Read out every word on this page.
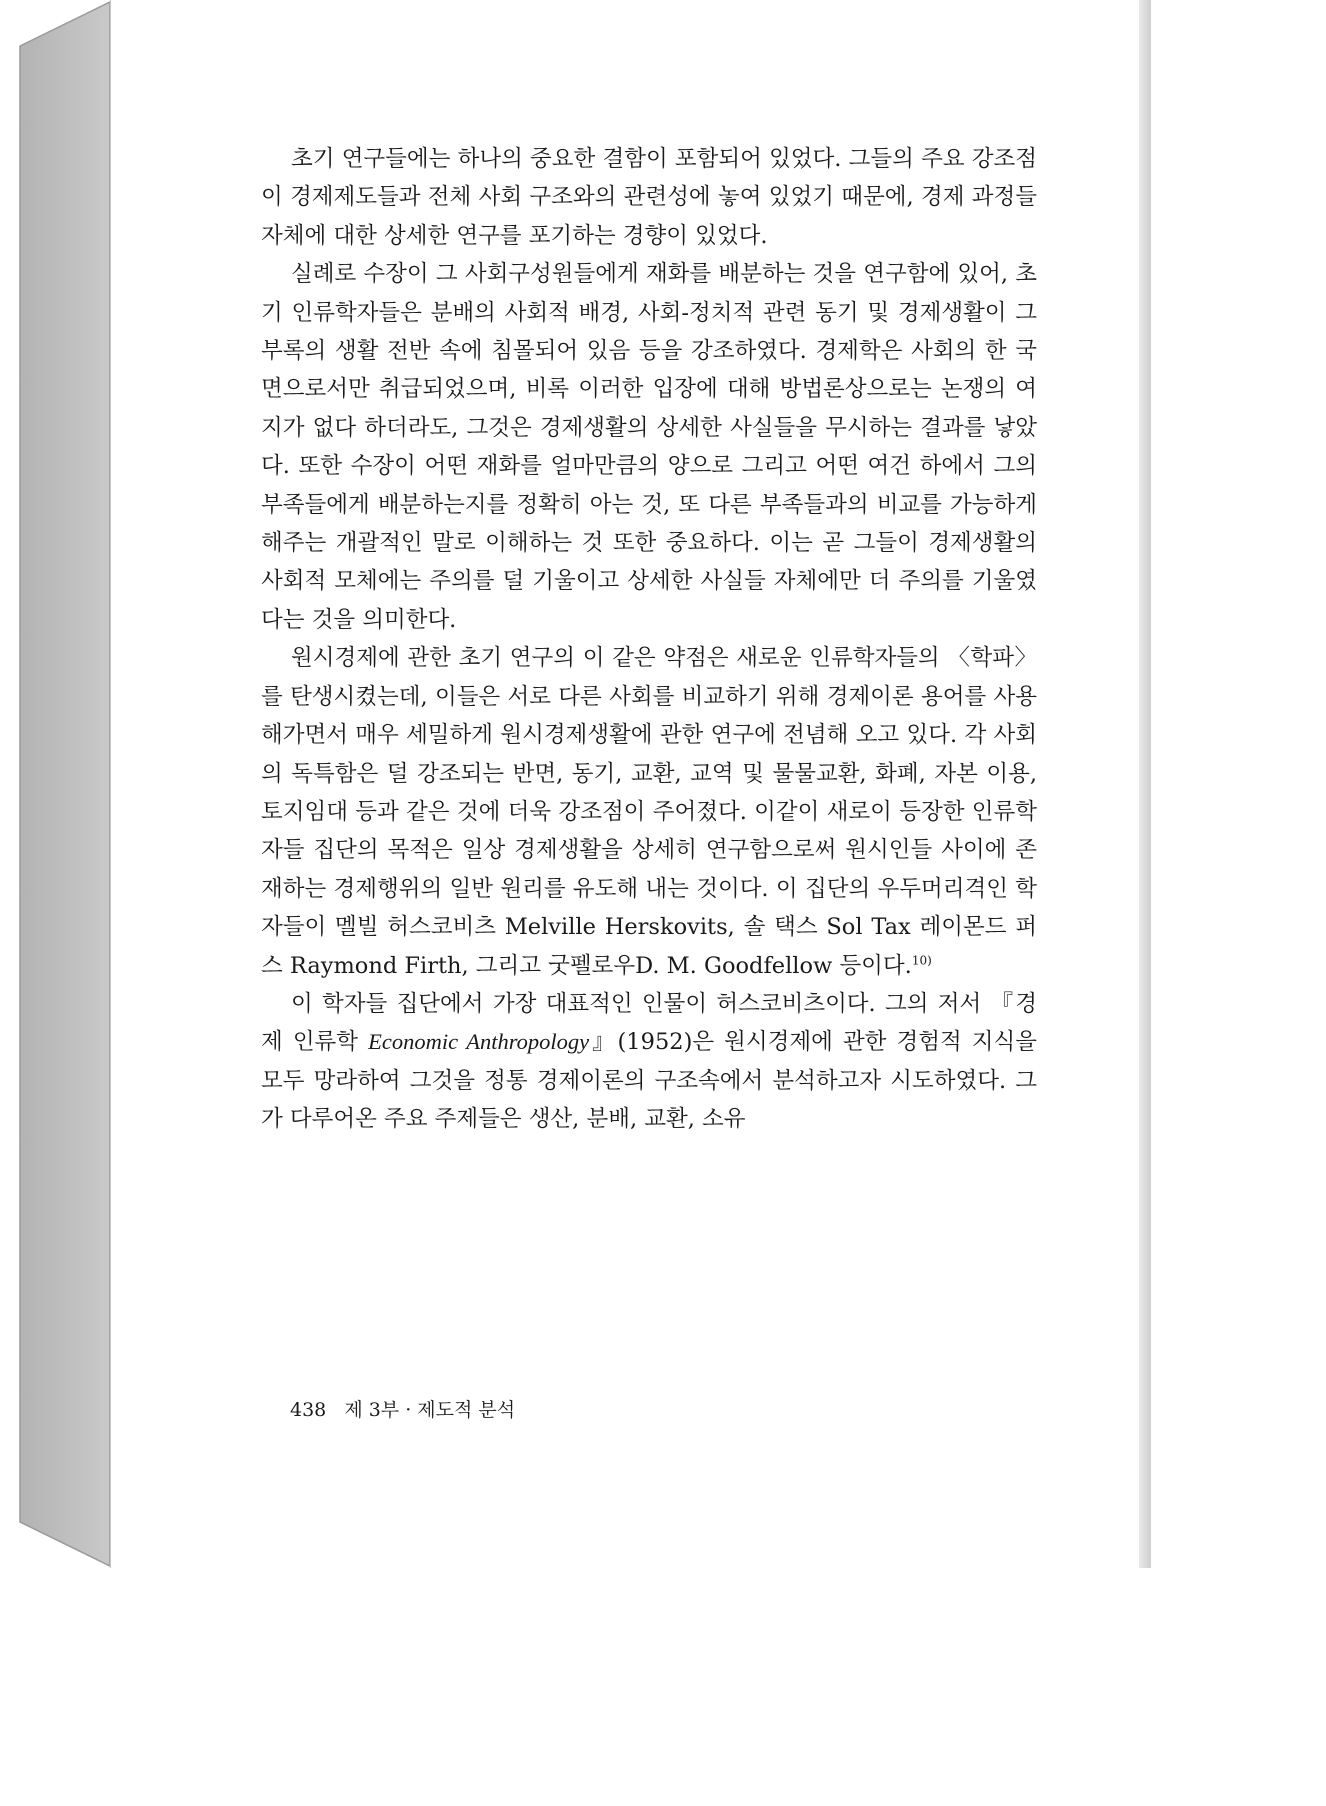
초기 연구들에는 하나의 중요한 결함이 포함되어 있었다. 그들의 주요 강조점이 경제제도들과 전체 사회 구조와의 관련성에 놓여 있었기 때문에, 경제 과정들 자체에 대한 상세한 연구를 포기하는 경향이 있었다.

실례로 수장이 그 사회구성원들에게 재화를 배분하는 것을 연구함에 있어, 초기 인류학자들은 분배의 사회적 배경, 사회-정치적 관련 동기 및 경제생활이 그 부록의 생활 전반 속에 침몰되어 있음 등을 강조하였다. 경제학은 사회의 한 국면으로서만 취급되었으며, 비록 이러한 입장에 대해 방법론상으로는 논쟁의 여지가 없다 하더라도, 그것은 경제생활의 상세한 사실들을 무시하는 결과를 낳았다. 또한 수장이 어떤 재화를 얼마만큼의 양으로 그리고 어떤 여건 하에서 그의 부족들에게 배분하는지를 정확히 아는 것, 또 다른 부족들과의 비교를 가능하게 해주는 개괄적인 말로 이해하는 것 또한 중요하다. 이는 곧 그들이 경제생활의 사회적 모체에는 주의를 덜 기울이고 상세한 사실들 자체에만 더 주의를 기울였다는 것을 의미한다.

원시경제에 관한 초기 연구의 이 같은 약점은 새로운 인류학자들의 〈학파〉를 탄생시켰는데, 이들은 서로 다른 사회를 비교하기 위해 경제이론 용어를 사용해가면서 매우 세밀하게 원시경제생활에 관한 연구에 전념해 오고 있다. 각 사회의 독특함은 덜 강조되는 반면, 동기, 교환, 교역 및 물물교환, 화폐, 자본 이용, 토지임대 등과 같은 것에 더욱 강조점이 주어졌다. 이같이 새로이 등장한 인류학자들 집단의 목적은 일상 경제생활을 상세히 연구함으로써 원시인들 사이에 존재하는 경제행위의 일반 원리를 유도해 내는 것이다. 이 집단의 우두머리격인 학자들이 멜빌 허스코비츠 Melville Herskovits, 솔 택스 Sol Tax 레이몬드 퍼스 Raymond Firth, 그리고 굿펠로우D. M. Goodfellow 등이다.$^{10)}$

이 학자들 집단에서 가장 대표적인 인물이 허스코비츠이다. 그의 저서 『경제 인류학 Economic Anthropology』(1952)은 원시경제에 관한 경험적 지식을 모두 망라하여 그것을 정통 경제이론의 구조속에서 분석하고자 시도하였다. 그가 다루어온 주요 주제들은 생산, 분배, 교환, 소유

438 제 3부 · 제도적 분석
